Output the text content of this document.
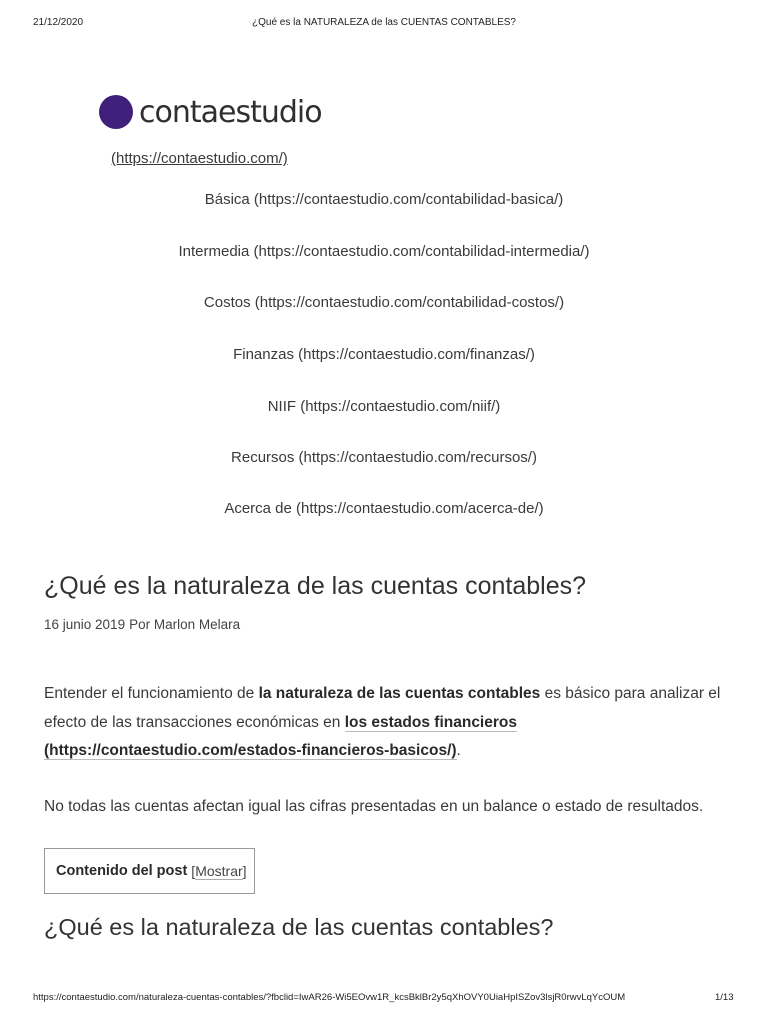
21/12/2020	¿Qué es la NATURALEZA de las CUENTAS CONTABLES?
contaestudio
(https://contaestudio.com/)
Básica (https://contaestudio.com/contabilidad-basica/)
Intermedia (https://contaestudio.com/contabilidad-intermedia/)
Costos (https://contaestudio.com/contabilidad-costos/)
Finanzas (https://contaestudio.com/finanzas/)
NIIF (https://contaestudio.com/niif/)
Recursos (https://contaestudio.com/recursos/)
Acerca de (https://contaestudio.com/acerca-de/)
¿Qué es la naturaleza de las cuentas contables?
16 junio 2019 Por Marlon Melara

Entender el funcionamiento de la naturaleza de las cuentas contables es básico para analizar el efecto de las transacciones económicas en los estados financieros (https://contaestudio.com/estados-financieros-basicos/).

No todas las cuentas afectan igual las cifras presentadas en un balance o estado de resultados.

Contenido del post [Mostrar]
¿Qué es la naturaleza de las cuentas contables?
https://contaestudio.com/naturaleza-cuentas-contables/?fbclid=IwAR26-Wi5EOvw1R_kcsBklBr2y5qXhOVY0UiaHpISZov3lsjR0rwvLqYcOUM	1/13
